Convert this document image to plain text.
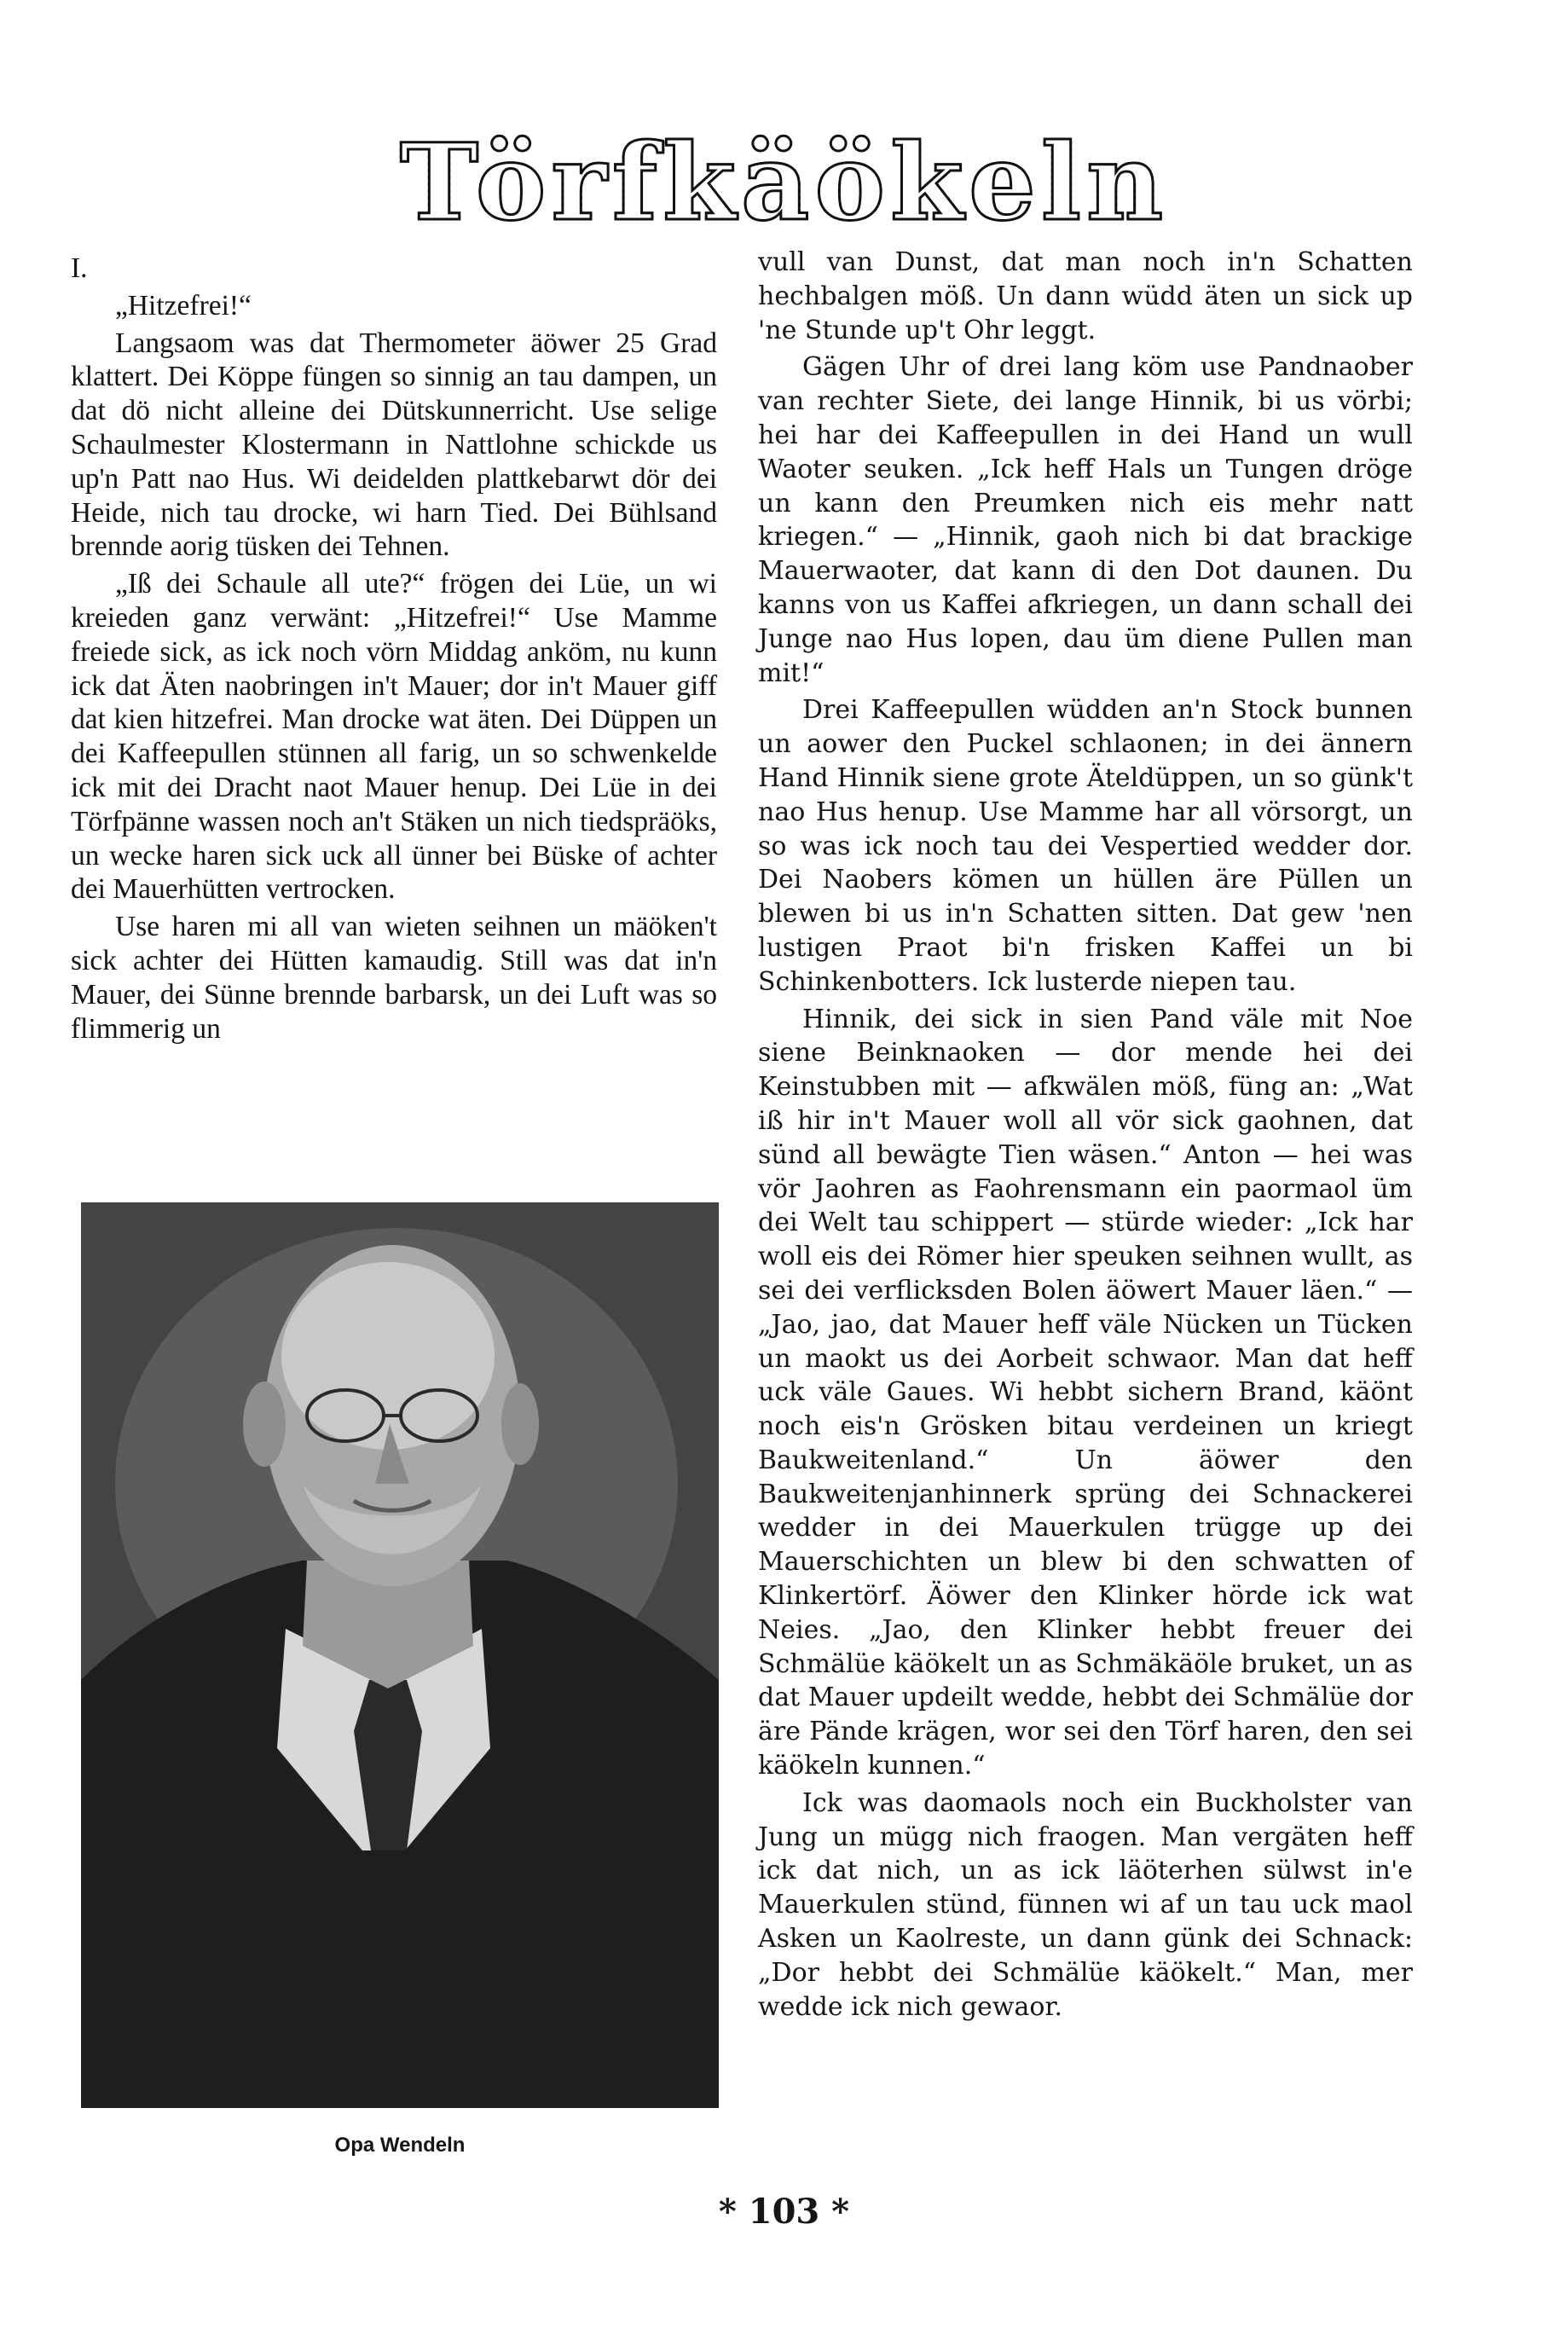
Törfkäökeln

I.

„Hitzefrei!“

Langsaom was dat Thermometer äöwer 25 Grad klattert. Dei Köppe füngen so sinnig an tau dampen, un dat dö nicht alleine dei Dütskunnerricht. Use selige Schaulmester Klostermann in Nattlohne schickde us up'n Patt nao Hus. Wi deidelden plattkebarwt dör dei Heide, nich tau drocke, wi harn Tied. Dei Bühlsand brennde aorig tüsken dei Tehnen.

„Iß dei Schaule all ute?“ frögen dei Lüe, un wi kreieden ganz verwänt: „Hitzefrei!“ Use Mamme freiede sick, as ick noch vörn Middag anköm, nu kunn ick dat Äten naobringen in't Mauer; dor in't Mauer giff dat kien hitzefrei. Man drocke wat äten. Dei Düppen un dei Kaffeepullen stünnen all farig, un so schwenkelde ick mit dei Dracht naot Mauer henup. Dei Lüe in dei Törfpänne wassen noch an't Stäken un nich tiedspräöks, un wecke haren sick uck all ünner bei Büske of achter dei Mauerhütten vertrocken.

Use haren mi all van wieten seihnen un mäöken't sick achter dei Hütten kamaudig. Still was dat in'n Mauer, dei Sünne brennde barbarsk, un dei Luft was so flimmerig un

Opa Wendeln

vull van Dunst, dat man noch in'n Schatten hechbalgen möß. Un dann wüdd äten un sick up 'ne Stunde up't Ohr leggt.

Gägen Uhr of drei lang köm use Pandnaober van rechter Siete, dei lange Hinnik, bi us vörbi; hei har dei Kaffeepullen in dei Hand un wull Waoter seuken. „Ick heff Hals un Tungen dröge un kann den Preumken nich eis mehr natt kriegen.“ — „Hinnik, gaoh nich bi dat brackige Mauerwaoter, dat kann di den Dot daunen. Du kanns von us Kaffei afkriegen, un dann schall dei Junge nao Hus lopen, dau üm diene Pullen man mit!“

Drei Kaffeepullen wüdden an'n Stock bunnen un aower den Puckel schlaonen; in dei ännern Hand Hinnik siene grote Äteldüppen, un so günk't nao Hus henup. Use Mamme har all vörsorgt, un so was ick noch tau dei Vespertied wedder dor. Dei Naobers kömen un hüllen äre Püllen un blewen bi us in'n Schatten sitten. Dat gew 'nen lustigen Praot bi'n frisken Kaffei un bi Schinkenbotters. Ick lusterde niepen tau.

Hinnik, dei sick in sien Pand väle mit Noe siene Beinknaoken — dor mende hei dei Keinstubben mit — afkwälen möß, füng an: „Wat iß hir in't Mauer woll all vör sick gaohnen, dat sünd all bewägte Tien wäsen.“ Anton — hei was vör Jaohren as Faohrensmann ein paormaol üm dei Welt tau schippert — stürde wieder: „Ick har woll eis dei Römer hier speuken seihnen wullt, as sei dei verflicksden Bolen äöwert Mauer läen.“ — „Jao, jao, dat Mauer heff väle Nücken un Tücken un maokt us dei Aorbeit schwaor. Man dat heff uck väle Gaues. Wi hebbt sichern Brand, käönt noch eis'n Grösken bitau verdeinen un kriegt Baukweitenland.“ Un äöwer den Baukweitenjanhinnerk sprüng dei Schnackerei wedder in dei Mauerkulen trügge up dei Mauerschichten un blew bi den schwatten of Klinkertörf. Äöwer den Klinker hörde ick wat Neies. „Jao, den Klinker hebbt freuer dei Schmälüe käökelt un as Schmäkäöle bruket, un as dat Mauer updeilt wedde, hebbt dei Schmälüe dor äre Pände krägen, wor sei den Törf haren, den sei käökeln kunnen.“

Ick was daomaols noch ein Buckholster van Jung un mügg nich fraogen. Man vergäten heff ick dat nich, un as ick läöterhen sülwst in'e Mauerkulen stünd, fünnen wi af un tau uck maol Asken un Kaolreste, un dann günk dei Schnack: „Dor hebbt dei Schmälüe käökelt.“ Man, mer wedde ick nich gewaor.

* 103 *
